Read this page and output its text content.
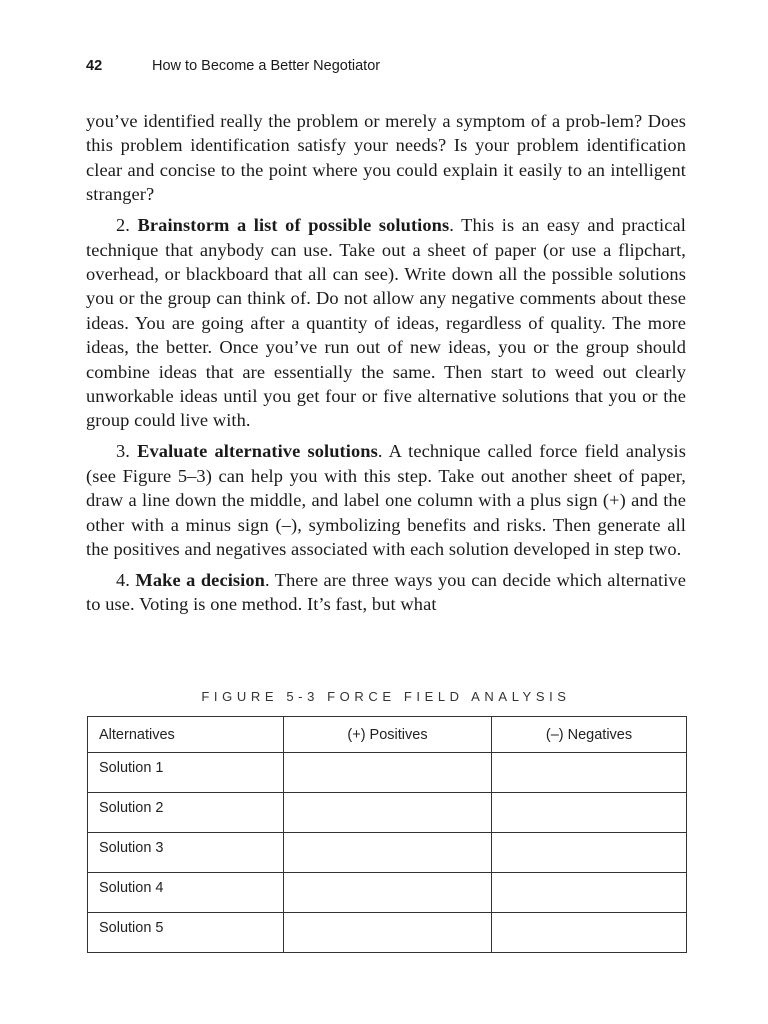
42	How to Become a Better Negotiator

you’ve identified really the problem or merely a symptom of a prob-lem? Does this problem identification satisfy your needs? Is your problem identification clear and concise to the point where you could explain it easily to an intelligent stranger?

2. Brainstorm a list of possible solutions. This is an easy and practical technique that anybody can use. Take out a sheet of paper (or use a flipchart, overhead, or blackboard that all can see). Write down all the possible solutions you or the group can think of. Do not allow any negative comments about these ideas. You are going after a quantity of ideas, regardless of quality. The more ideas, the better. Once you’ve run out of new ideas, you or the group should combine ideas that are essentially the same. Then start to weed out clearly unworkable ideas until you get four or five alternative solutions that you or the group could live with.

3. Evaluate alternative solutions. A technique called force field analysis (see Figure 5–3) can help you with this step. Take out another sheet of paper, draw a line down the middle, and label one column with a plus sign (+) and the other with a minus sign (–), symbolizing benefits and risks. Then generate all the positives and negatives associated with each solution developed in step two.

4. Make a decision. There are three ways you can decide which alternative to use. Voting is one method. It’s fast, but what

FIGURE 5-3 FORCE FIELD ANALYSIS
Alternatives	(+) Positives	(–) Negatives
Solution 1		
Solution 2		
Solution 3		
Solution 4		
Solution 5		
